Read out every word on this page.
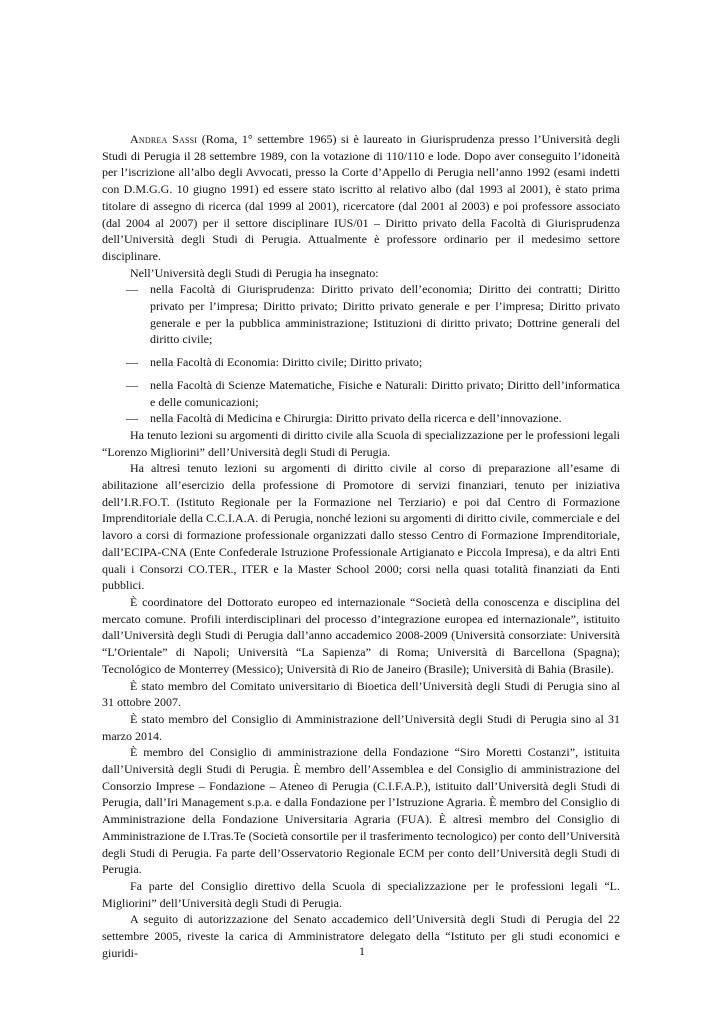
Andrea Sassi (Roma, 1° settembre 1965) si è laureato in Giurisprudenza presso l’Università degli Studi di Perugia il 28 settembre 1989, con la votazione di 110/110 e lode. Dopo aver conseguito l’idoneità per l’iscrizione all’albo degli Avvocati, presso la Corte d’Appello di Perugia nell’anno 1992 (esami indetti con D.M.G.G. 10 giugno 1991) ed essere stato iscritto al relativo albo (dal 1993 al 2001), è stato prima titolare di assegno di ricerca (dal 1999 al 2001), ricercatore (dal 2001 al 2003) e poi professore associato (dal 2004 al 2007) per il settore disciplinare IUS/01 – Diritto privato della Facoltà di Giurisprudenza dell’Università degli Studi di Perugia. Attualmente è professore ordinario per il medesimo settore disciplinare.

Nell’Università degli Studi di Perugia ha insegnato:

— nella Facoltà di Giurisprudenza: Diritto privato dell’economia; Diritto dei contratti; Diritto privato per l’impresa; Diritto privato; Diritto privato generale e per l’impresa; Diritto privato generale e per la pubblica amministrazione; Istituzioni di diritto privato; Dottrine generali del diritto civile;
— nella Facoltà di Economia: Diritto civile; Diritto privato;
— nella Facoltà di Scienze Matematiche, Fisiche e Naturali: Diritto privato; Diritto dell’informatica e delle comunicazioni;
— nella Facoltà di Medicina e Chirurgia: Diritto privato della ricerca e dell’innovazione.

Ha tenuto lezioni su argomenti di diritto civile alla Scuola di specializzazione per le professioni legali “Lorenzo Migliorini” dell’Università degli Studi di Perugia.

Ha altresì tenuto lezioni su argomenti di diritto civile al corso di preparazione all’esame di abilitazione all’esercizio della professione di Promotore di servizi finanziari, tenuto per iniziativa dell’I.R.FO.T. (Istituto Regionale per la Formazione nel Terziario) e poi dal Centro di Formazione Imprenditoriale della C.C.I.A.A. di Perugia, nonché lezioni su argomenti di diritto civile, commerciale e del lavoro a corsi di formazione professionale organizzati dallo stesso Centro di Formazione Imprenditoriale, dall’ECIPA-CNA (Ente Confederale Istruzione Professionale Artigianato e Piccola Impresa), e da altri Enti quali i Consorzi CO.TER., ITER e la Master School 2000; corsi nella quasi totalità finanziati da Enti pubblici.

È coordinatore del Dottorato europeo ed internazionale “Società della conoscenza e disciplina del mercato comune. Profili interdisciplinari del processo d’integrazione europea ed internazionale”, istituito dall’Università degli Studi di Perugia dall’anno accademico 2008-2009 (Università consorziate: Università “L’Orientale” di Napoli; Università “La Sapienza” di Roma; Università di Barcellona (Spagna); Tecnológico de Monterrey (Messico); Università di Rio de Janeiro (Brasile); Università di Bahia (Brasile).

È stato membro del Comitato universitario di Bioetica dell’Università degli Studi di Perugia sino al 31 ottobre 2007.

È stato membro del Consiglio di Amministrazione dell’Università degli Studi di Perugia sino al 31 marzo 2014.

È membro del Consiglio di amministrazione della Fondazione “Siro Moretti Costanzi”, istituita dall’Università degli Studi di Perugia. È membro dell’Assemblea e del Consiglio di amministrazione del Consorzio Imprese – Fondazione – Ateneo di Perugia (C.I.F.A.P.), istituito dall’Università degli Studi di Perugia, dall’Iri Management s.p.a. e dalla Fondazione per l’Istruzione Agraria. È membro del Consiglio di Amministrazione della Fondazione Universitaria Agraria (FUA). È altresì membro del Consiglio di Amministrazione de I.Tras.Te (Società consortile per il trasferimento tecnologico) per conto dell’Università degli Studi di Perugia. Fa parte dell’Osservatorio Regionale ECM per conto dell’Università degli Studi di Perugia.

Fa parte del Consiglio direttivo della Scuola di specializzazione per le professioni legali “L. Migliorini” dell’Università degli Studi di Perugia.

A seguito di autorizzazione del Senato accademico dell’Università degli Studi di Perugia del 22 settembre 2005, riveste la carica di Amministratore delegato della “Istituto per gli studi economici e giuridi-	1
